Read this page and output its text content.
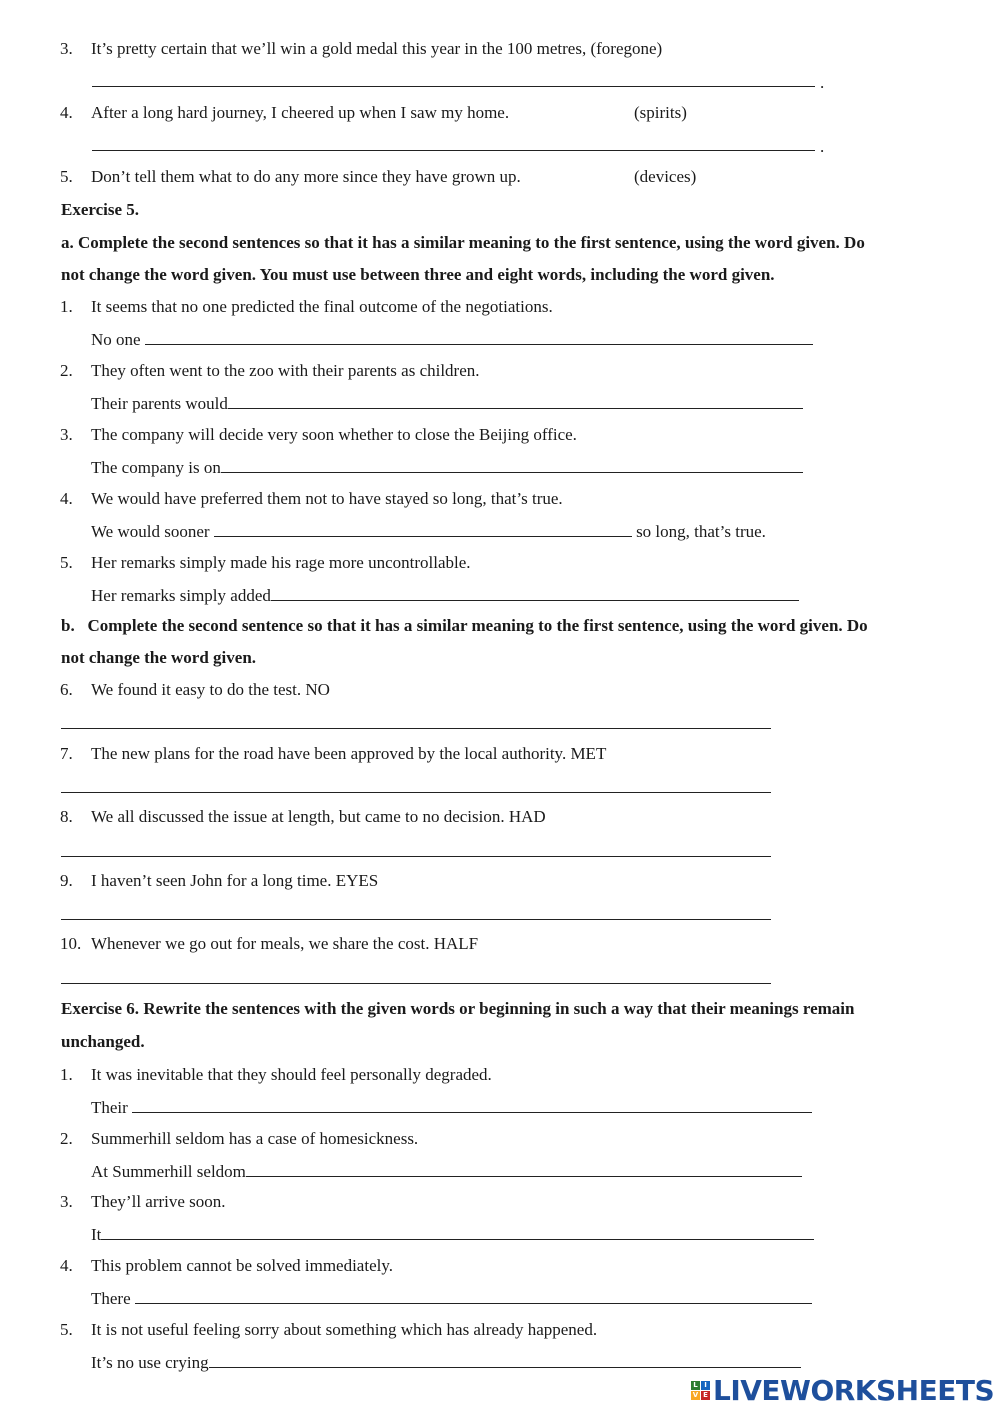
3. It’s pretty certain that we’ll win a gold medal this year in the 100 metres, (foregone)
.
4. After a long hard journey, I cheered up when I saw my home.	(spirits)
.
5. Don’t tell them what to do any more since they have grown up.	(devices)
Exercise 5.
a. Complete the second sentences so that it has a similar meaning to the first sentence, using the word given. Do
not change the word given. You must use between three and eight words, including the word given.
1. It seems that no one predicted the final outcome of the negotiations.
No one
2. They often went to the zoo with their parents as children.
Their parents would
3. The company will decide very soon whether to close the Beijing office.
The company is on
4. We would have preferred them not to have stayed so long, that’s true.
We would sooner	so long, that’s true.
5. Her remarks simply made his rage more uncontrollable.
Her remarks simply added
b.   Complete the second sentence so that it has a similar meaning to the first sentence, using the word given. Do
not change the word given.
6. We found it easy to do the test. NO
7. The new plans for the road have been approved by the local authority. MET
8. We all discussed the issue at length, but came to no decision. HAD
9. I haven’t seen John for a long time. EYES
10. Whenever we go out for meals, we share the cost. HALF
Exercise 6. Rewrite the sentences with the given words or beginning in such a way that their meanings remain
unchanged.
1. It was inevitable that they should feel personally degraded.
Their
2. Summerhill seldom has a case of homesickness.
At Summerhill seldom
3. They’ll arrive soon.
It
4. This problem cannot be solved immediately.
There
5. It is not useful feeling sorry about something which has already happened.
It’s no use crying
L I
V E LIVEWORKSHEETS
